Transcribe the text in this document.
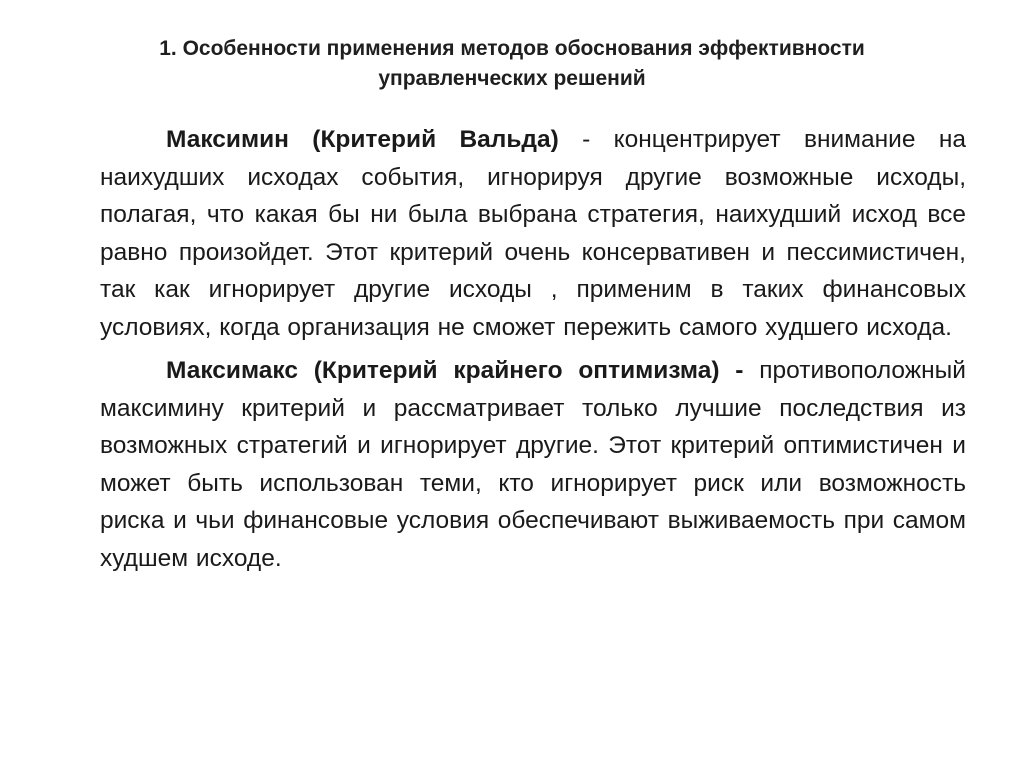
1. Особенности применения методов обоснования эффективности
управленческих решений

Максимин (Критерий Вальда) - концентрирует внимание на наихудших исходах события, игнорируя другие возможные исходы, полагая, что какая бы ни была выбрана стратегия, наихудший исход все равно произойдет. Этот критерий очень консервативен и пессимистичен, так как игнорирует другие исходы , применим в таких финансовых условиях, когда организация не сможет пережить самого худшего исхода.

Максимакс (Критерий крайнего оптимизма) - противоположный максимину критерий и рассматривает только лучшие последствия из возможных стратегий и игнорирует другие. Этот критерий оптимистичен и может быть использован теми, кто игнорирует риск или возможность риска и чьи финансовые условия обеспечивают выживаемость при самом худшем исходе.
